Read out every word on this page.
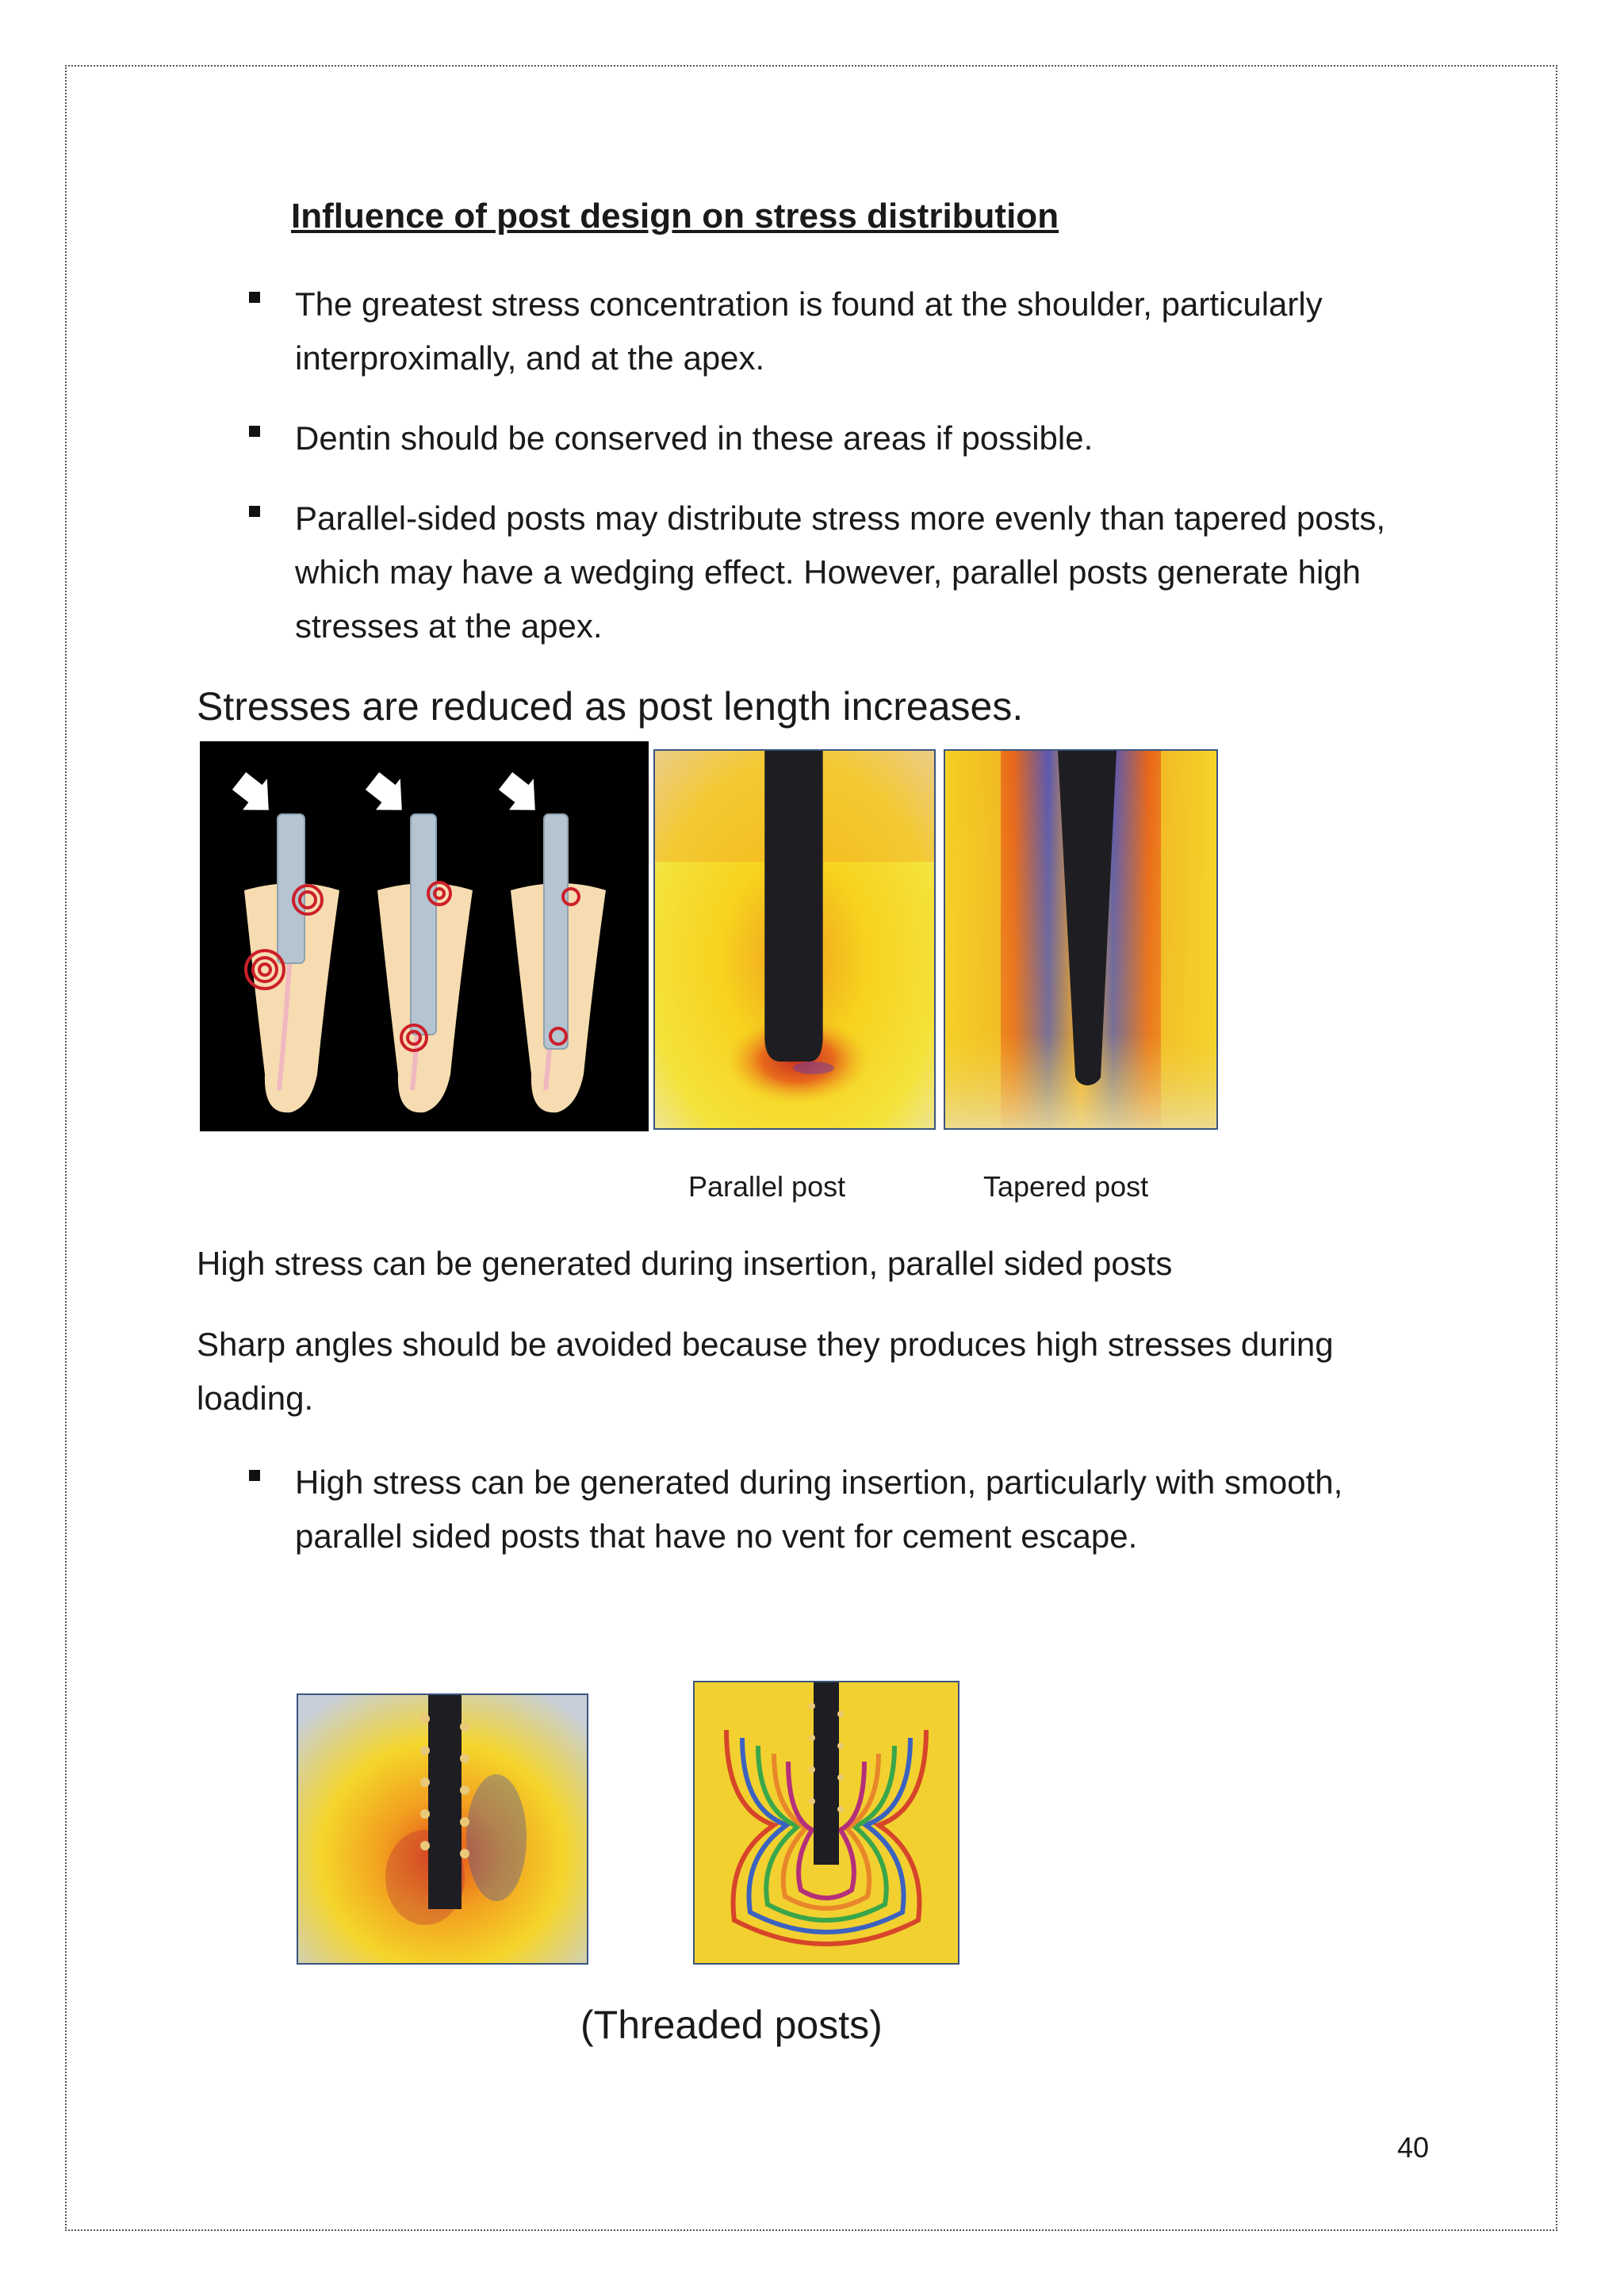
Influence of post design on stress distribution
The greatest stress concentration is found at the shoulder, particularly interproximally, and at the apex.
Dentin should be conserved in these areas if possible.
Parallel-sided posts may distribute stress more evenly than tapered posts, which may have a wedging effect. However, parallel posts generate high stresses at the apex.
Stresses are reduced as post length increases.
Parallel post	Tapered post
High stress can be generated during insertion, parallel sided posts
Sharp angles should be avoided because they produces high stresses during loading.
High stress can be generated during insertion, particularly with smooth, parallel sided posts that have no vent for cement escape.
(Threaded posts)
40
